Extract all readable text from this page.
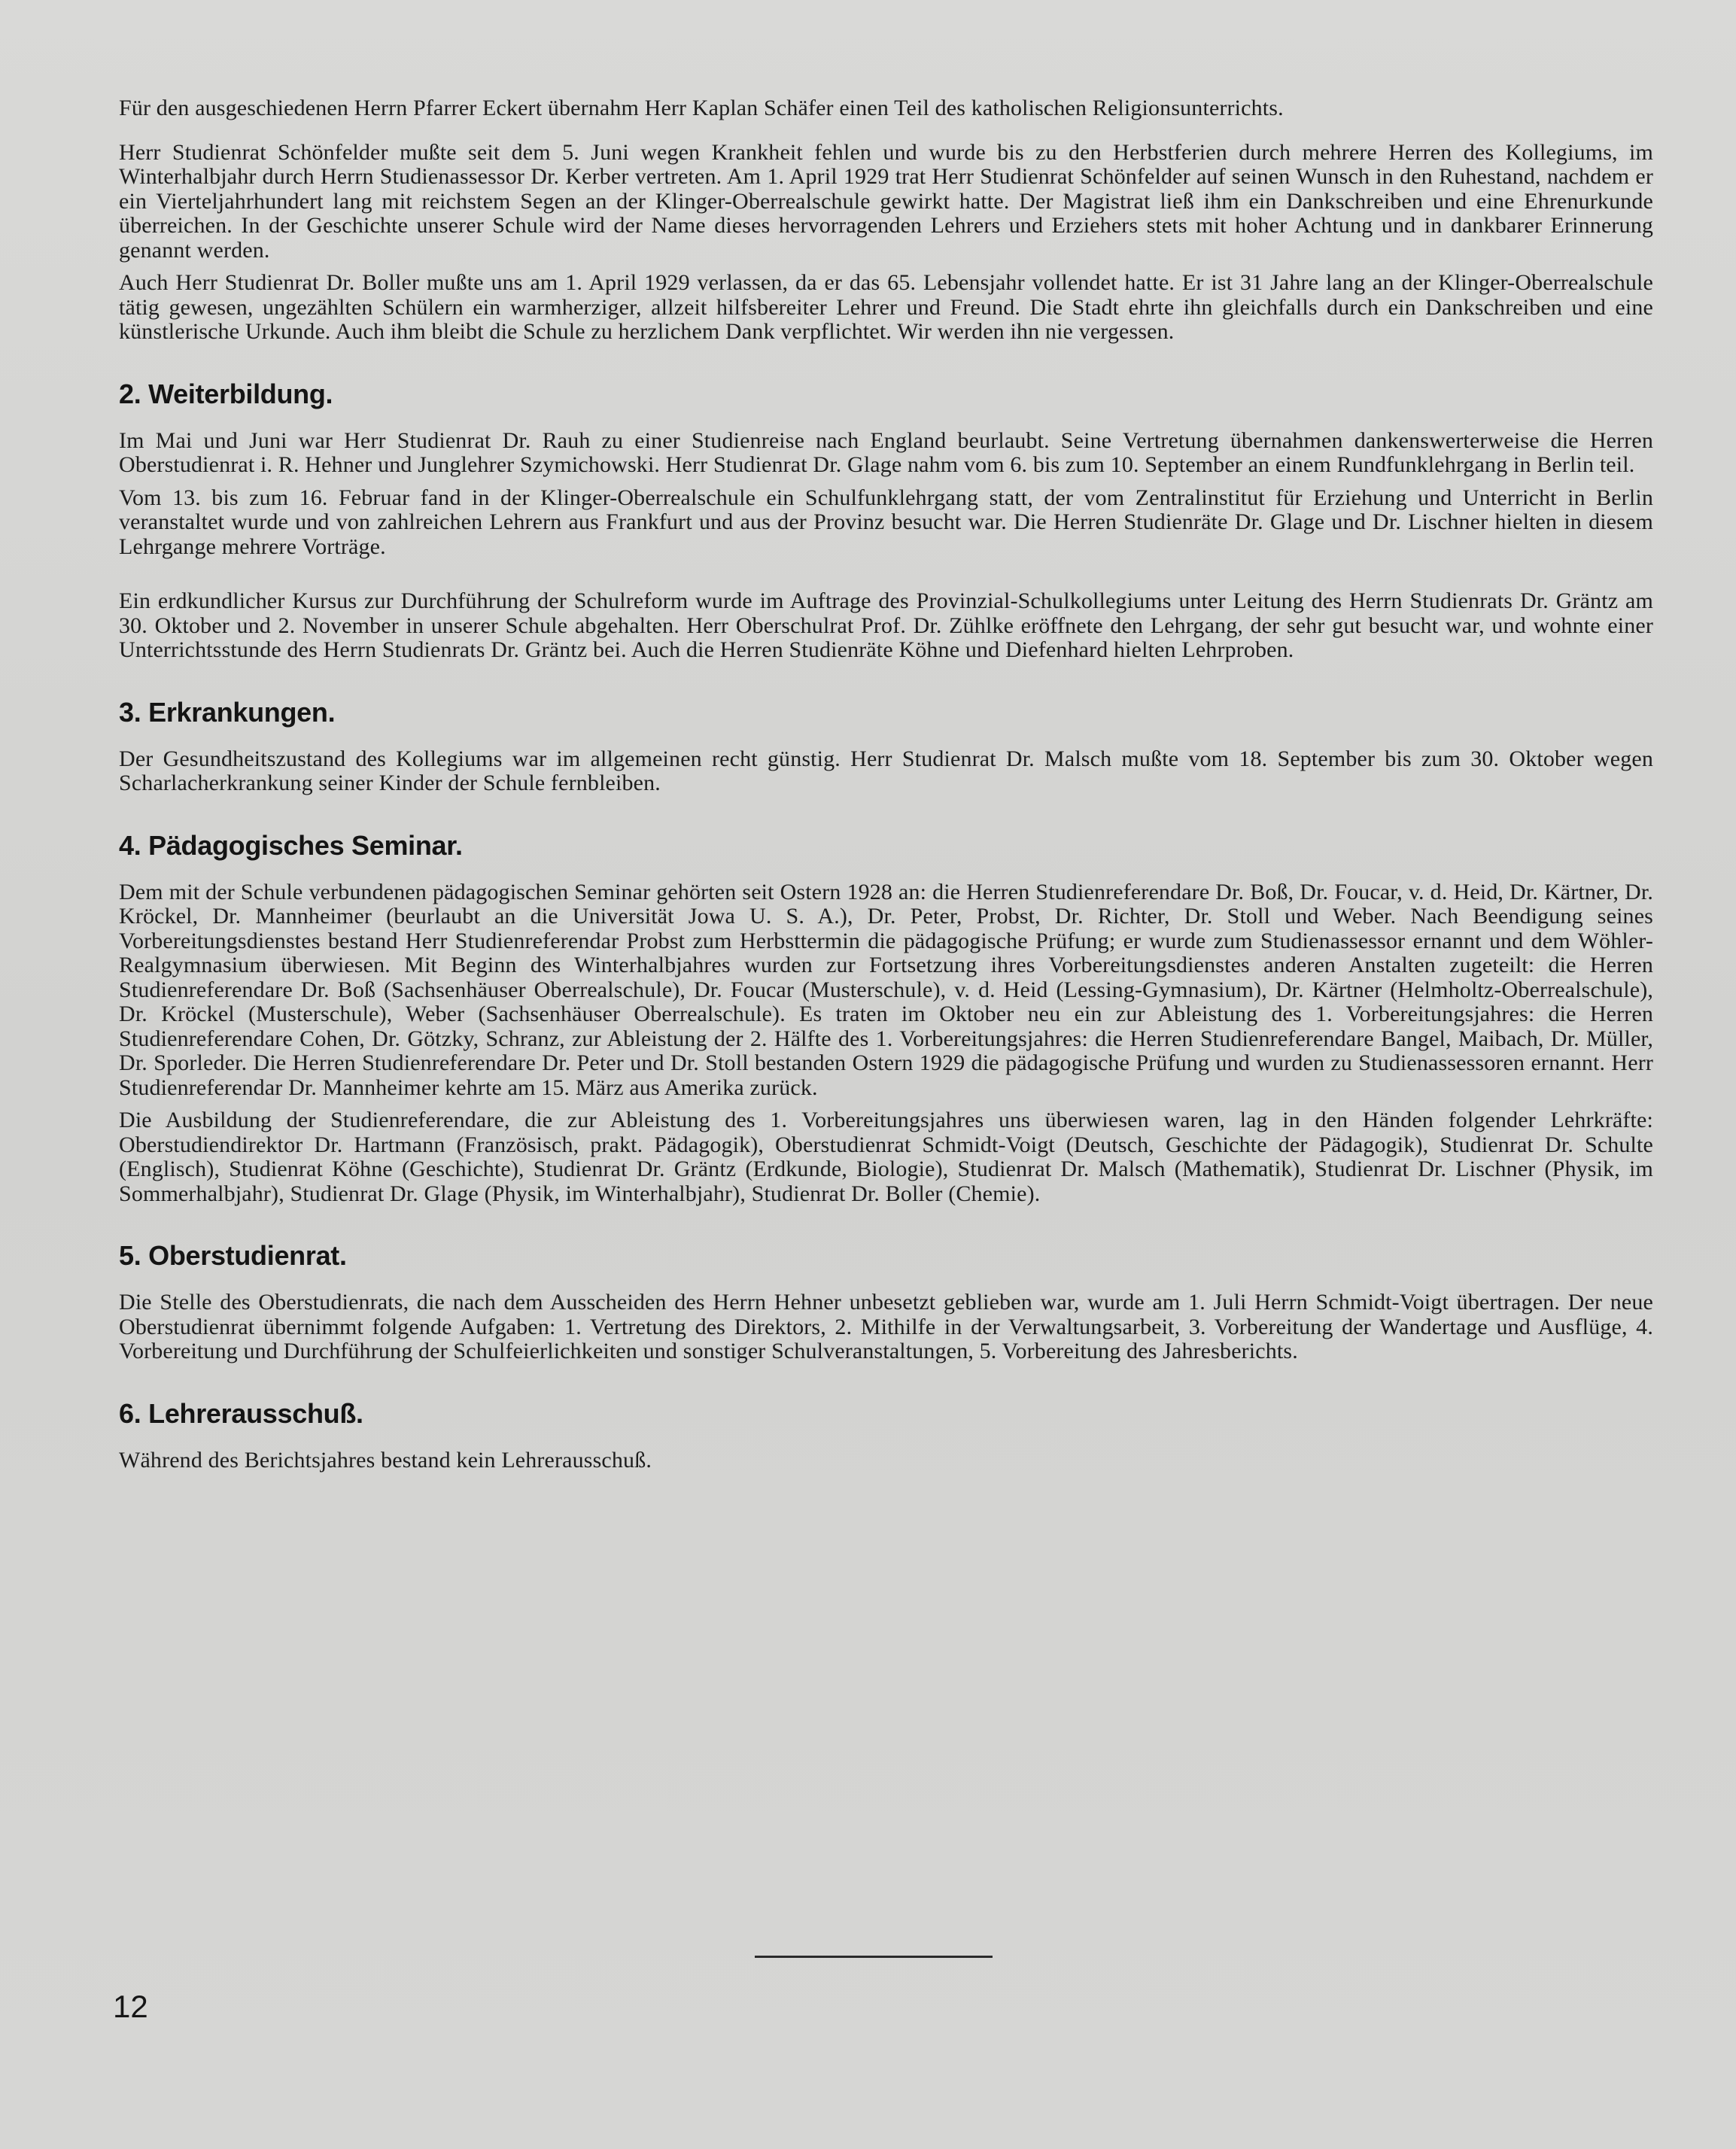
Für den ausgeschiedenen Herrn Pfarrer Eckert übernahm Herr Kaplan Schäfer einen Teil des katholischen Religionsunterrichts.

Herr Studienrat Schönfelder mußte seit dem 5. Juni wegen Krankheit fehlen und wurde bis zu den Herbstferien durch mehrere Herren des Kollegiums, im Winterhalbjahr durch Herrn Studienassessor Dr. Kerber vertreten. Am 1. April 1929 trat Herr Studienrat Schönfelder auf seinen Wunsch in den Ruhestand, nachdem er ein Vierteljahrhundert lang mit reichstem Segen an der Klinger-Oberrealschule gewirkt hatte. Der Magistrat ließ ihm ein Dankschreiben und eine Ehrenurkunde überreichen. In der Geschichte unserer Schule wird der Name dieses hervorragenden Lehrers und Erziehers stets mit hoher Achtung und in dankbarer Erinnerung genannt werden.

Auch Herr Studienrat Dr. Boller mußte uns am 1. April 1929 verlassen, da er das 65. Lebensjahr vollendet hatte. Er ist 31 Jahre lang an der Klinger-Oberrealschule tätig gewesen, ungezählten Schülern ein warmherziger, allzeit hilfsbereiter Lehrer und Freund. Die Stadt ehrte ihn gleichfalls durch ein Dankschreiben und eine künstlerische Urkunde. Auch ihm bleibt die Schule zu herzlichem Dank verpflichtet. Wir werden ihn nie vergessen.

2. Weiterbildung.

Im Mai und Juni war Herr Studienrat Dr. Rauh zu einer Studienreise nach England beurlaubt. Seine Vertretung übernahmen dankenswerterweise die Herren Oberstudienrat i. R. Hehner und Junglehrer Szymichowski. Herr Studienrat Dr. Glage nahm vom 6. bis zum 10. September an einem Rundfunklehrgang in Berlin teil.

Vom 13. bis zum 16. Februar fand in der Klinger-Oberrealschule ein Schulfunklehrgang statt, der vom Zentralinstitut für Erziehung und Unterricht in Berlin veranstaltet wurde und von zahlreichen Lehrern aus Frankfurt und aus der Provinz besucht war. Die Herren Studienräte Dr. Glage und Dr. Lischner hielten in diesem Lehrgange mehrere Vorträge.

Ein erdkundlicher Kursus zur Durchführung der Schulreform wurde im Auftrage des Provinzial-Schulkollegiums unter Leitung des Herrn Studienrats Dr. Gräntz am 30. Oktober und 2. November in unserer Schule abgehalten. Herr Oberschulrat Prof. Dr. Zühlke eröffnete den Lehrgang, der sehr gut besucht war, und wohnte einer Unterrichtsstunde des Herrn Studienrats Dr. Gräntz bei. Auch die Herren Studienräte Köhne und Diefenhard hielten Lehrproben.

3. Erkrankungen.

Der Gesundheitszustand des Kollegiums war im allgemeinen recht günstig. Herr Studienrat Dr. Malsch mußte vom 18. September bis zum 30. Oktober wegen Scharlacherkrankung seiner Kinder der Schule fernbleiben.

4. Pädagogisches Seminar.

Dem mit der Schule verbundenen pädagogischen Seminar gehörten seit Ostern 1928 an: die Herren Studienreferendare Dr. Boß, Dr. Foucar, v. d. Heid, Dr. Kärtner, Dr. Kröckel, Dr. Mannheimer (beurlaubt an die Universität Jowa U. S. A.), Dr. Peter, Probst, Dr. Richter, Dr. Stoll und Weber. Nach Beendigung seines Vorbereitungsdienstes bestand Herr Studienreferendar Probst zum Herbsttermin die pädagogische Prüfung; er wurde zum Studienassessor ernannt und dem Wöhler-Realgymnasium überwiesen. Mit Beginn des Winterhalbjahres wurden zur Fortsetzung ihres Vorbereitungsdienstes anderen Anstalten zugeteilt: die Herren Studienreferendare Dr. Boß (Sachsenhäuser Oberrealschule), Dr. Foucar (Musterschule), v. d. Heid (Lessing-Gymnasium), Dr. Kärtner (Helmholtz-Oberrealschule), Dr. Kröckel (Musterschule), Weber (Sachsenhäuser Oberrealschule). Es traten im Oktober neu ein zur Ableistung des 1. Vorbereitungsjahres: die Herren Studienreferendare Cohen, Dr. Götzky, Schranz, zur Ableistung der 2. Hälfte des 1. Vorbereitungsjahres: die Herren Studienreferendare Bangel, Maibach, Dr. Müller, Dr. Sporleder. Die Herren Studienreferendare Dr. Peter und Dr. Stoll bestanden Ostern 1929 die pädagogische Prüfung und wurden zu Studienassessoren ernannt. Herr Studienreferendar Dr. Mannheimer kehrte am 15. März aus Amerika zurück.

Die Ausbildung der Studienreferendare, die zur Ableistung des 1. Vorbereitungsjahres uns überwiesen waren, lag in den Händen folgender Lehrkräfte: Oberstudiendirektor Dr. Hartmann (Französisch, prakt. Pädagogik), Oberstudienrat Schmidt-Voigt (Deutsch, Geschichte der Pädagogik), Studienrat Dr. Schulte (Englisch), Studienrat Köhne (Geschichte), Studienrat Dr. Gräntz (Erdkunde, Biologie), Studienrat Dr. Malsch (Mathematik), Studienrat Dr. Lischner (Physik, im Sommerhalbjahr), Studienrat Dr. Glage (Physik, im Winterhalbjahr), Studienrat Dr. Boller (Chemie).

5. Oberstudienrat.

Die Stelle des Oberstudienrats, die nach dem Ausscheiden des Herrn Hehner unbesetzt geblieben war, wurde am 1. Juli Herrn Schmidt-Voigt übertragen. Der neue Oberstudienrat übernimmt folgende Aufgaben: 1. Vertretung des Direktors, 2. Mithilfe in der Verwaltungsarbeit, 3. Vorbereitung der Wandertage und Ausflüge, 4. Vorbereitung und Durchführung der Schulfeierlichkeiten und sonstiger Schulveranstaltungen, 5. Vorbereitung des Jahresberichts.

6. Lehrerausschuß.

Während des Berichtsjahres bestand kein Lehrerausschuß.

12
